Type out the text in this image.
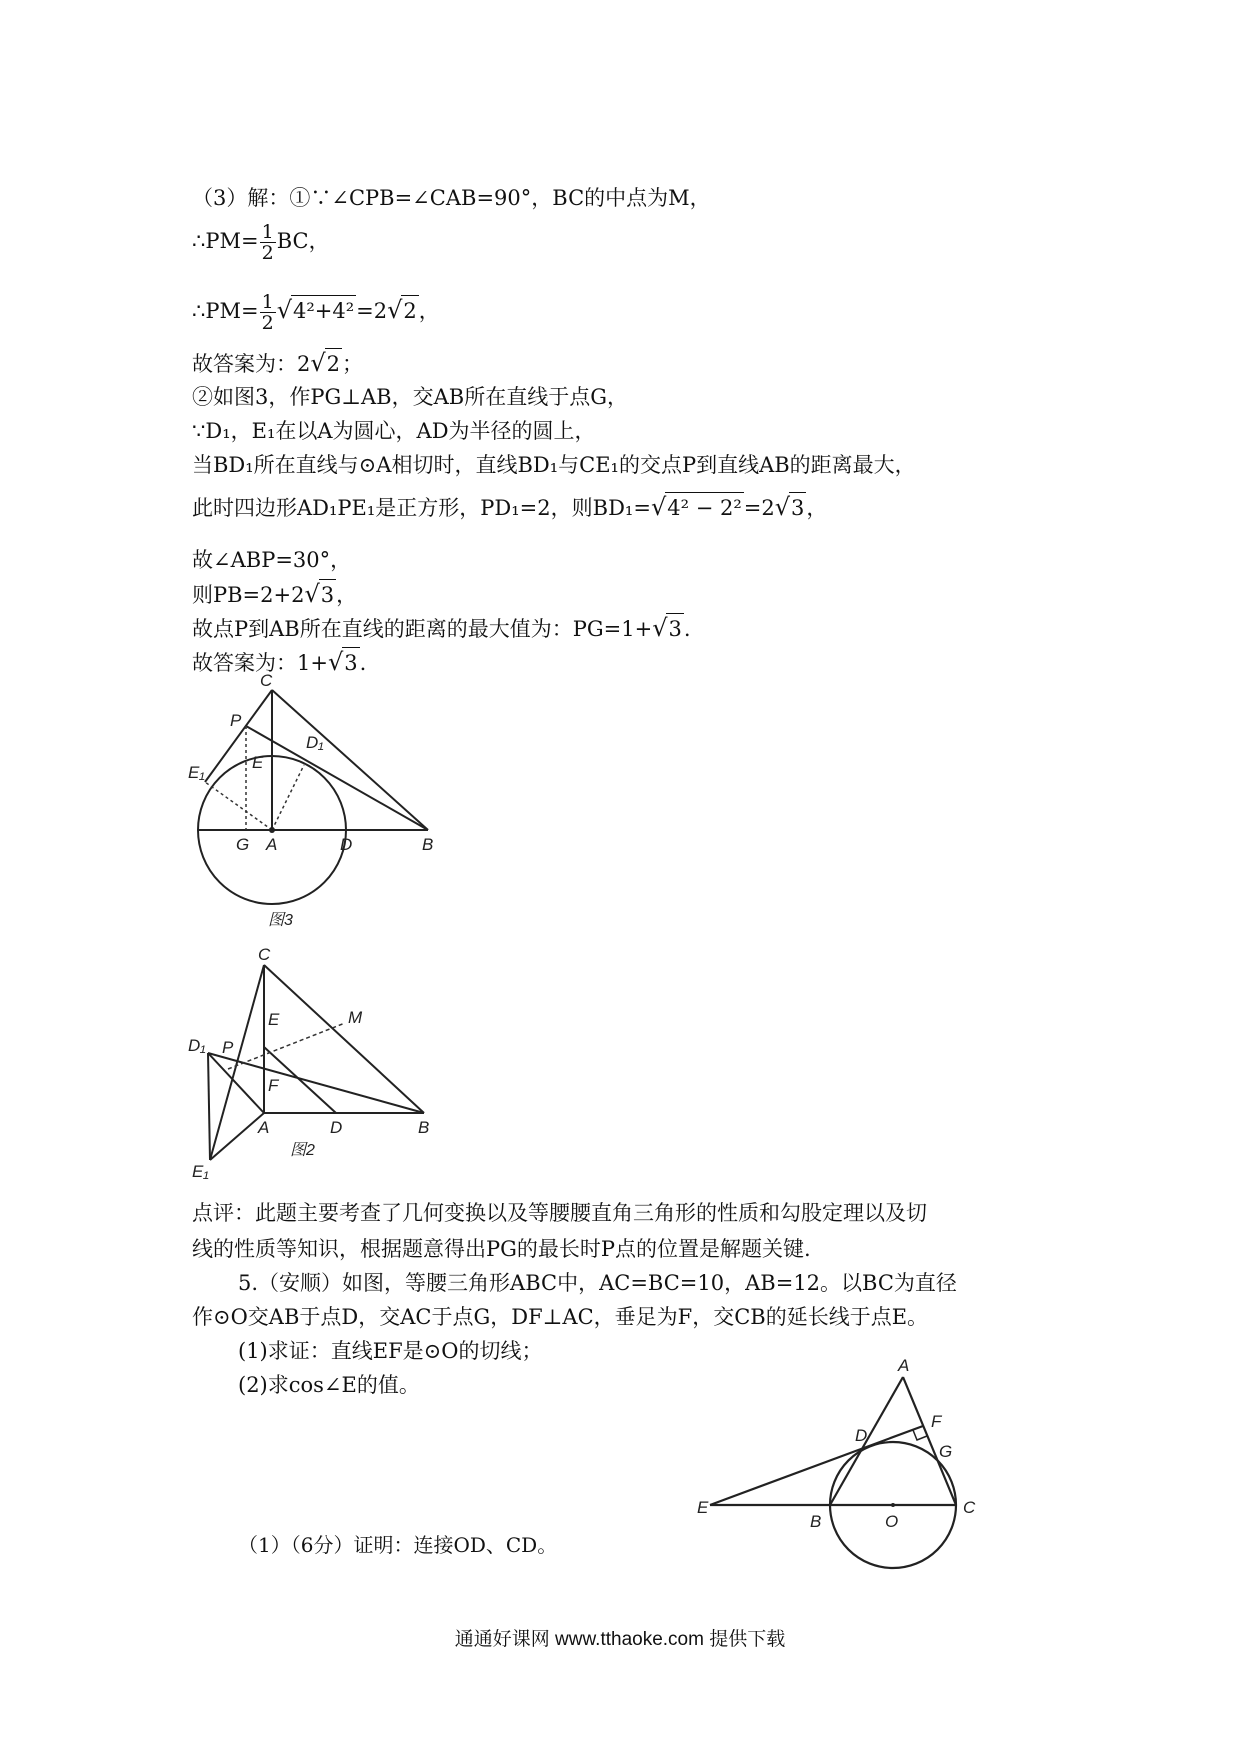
（3）解：①∵∠CPB=∠CAB=90°，BC的中点为M，
∴PM= $\frac{1}{2}$ BC，
∴PM= $\frac{1}{2} √4^2+4^2=2√2$，
故答案为：2√2；
②如图3，作PG⊥AB，交AB所在直线于点G，
∵D₁，E₁在以A为圆心，AD为半径的圆上，
当BD₁所在直线与⊙A相切时，直线BD₁与CE₁的交点P到直线AB的距离最大，
此时四边形AD₁PE₁是正方形，PD₁=2，则BD₁=√4² − 2²=2√3，
故∠ABP=30°，
则PB=2+2√3，
故点P到AB所在直线的距离的最大值为：PG=1+√3.
故答案为：1+√3.
C
P
D₁
E
E₁
G A	D	B
图3
C
E	M
D₁ P
F
A	D	B
E₁
图2
点评：此题主要考查了几何变换以及等腰腰直角三角形的性质和勾股定理以及切
线的性质等知识，根据题意得出PG的最长时P点的位置是解题关键.
5.（安顺）如图，等腰三角形ABC中，AC=BC=10，AB=12。以BC为直径
作⊙O交AB于点D，交AC于点G，DF⊥AC，垂足为F，交CB的延长线于点E。
(1)求证：直线EF是⊙O的切线；
(2)求cos∠E的值。
A
F
D
G
E
B	O
C
（1）（6分）证明：连接OD、CD。
通通好课网 www.tthaoke.com 提供下载
